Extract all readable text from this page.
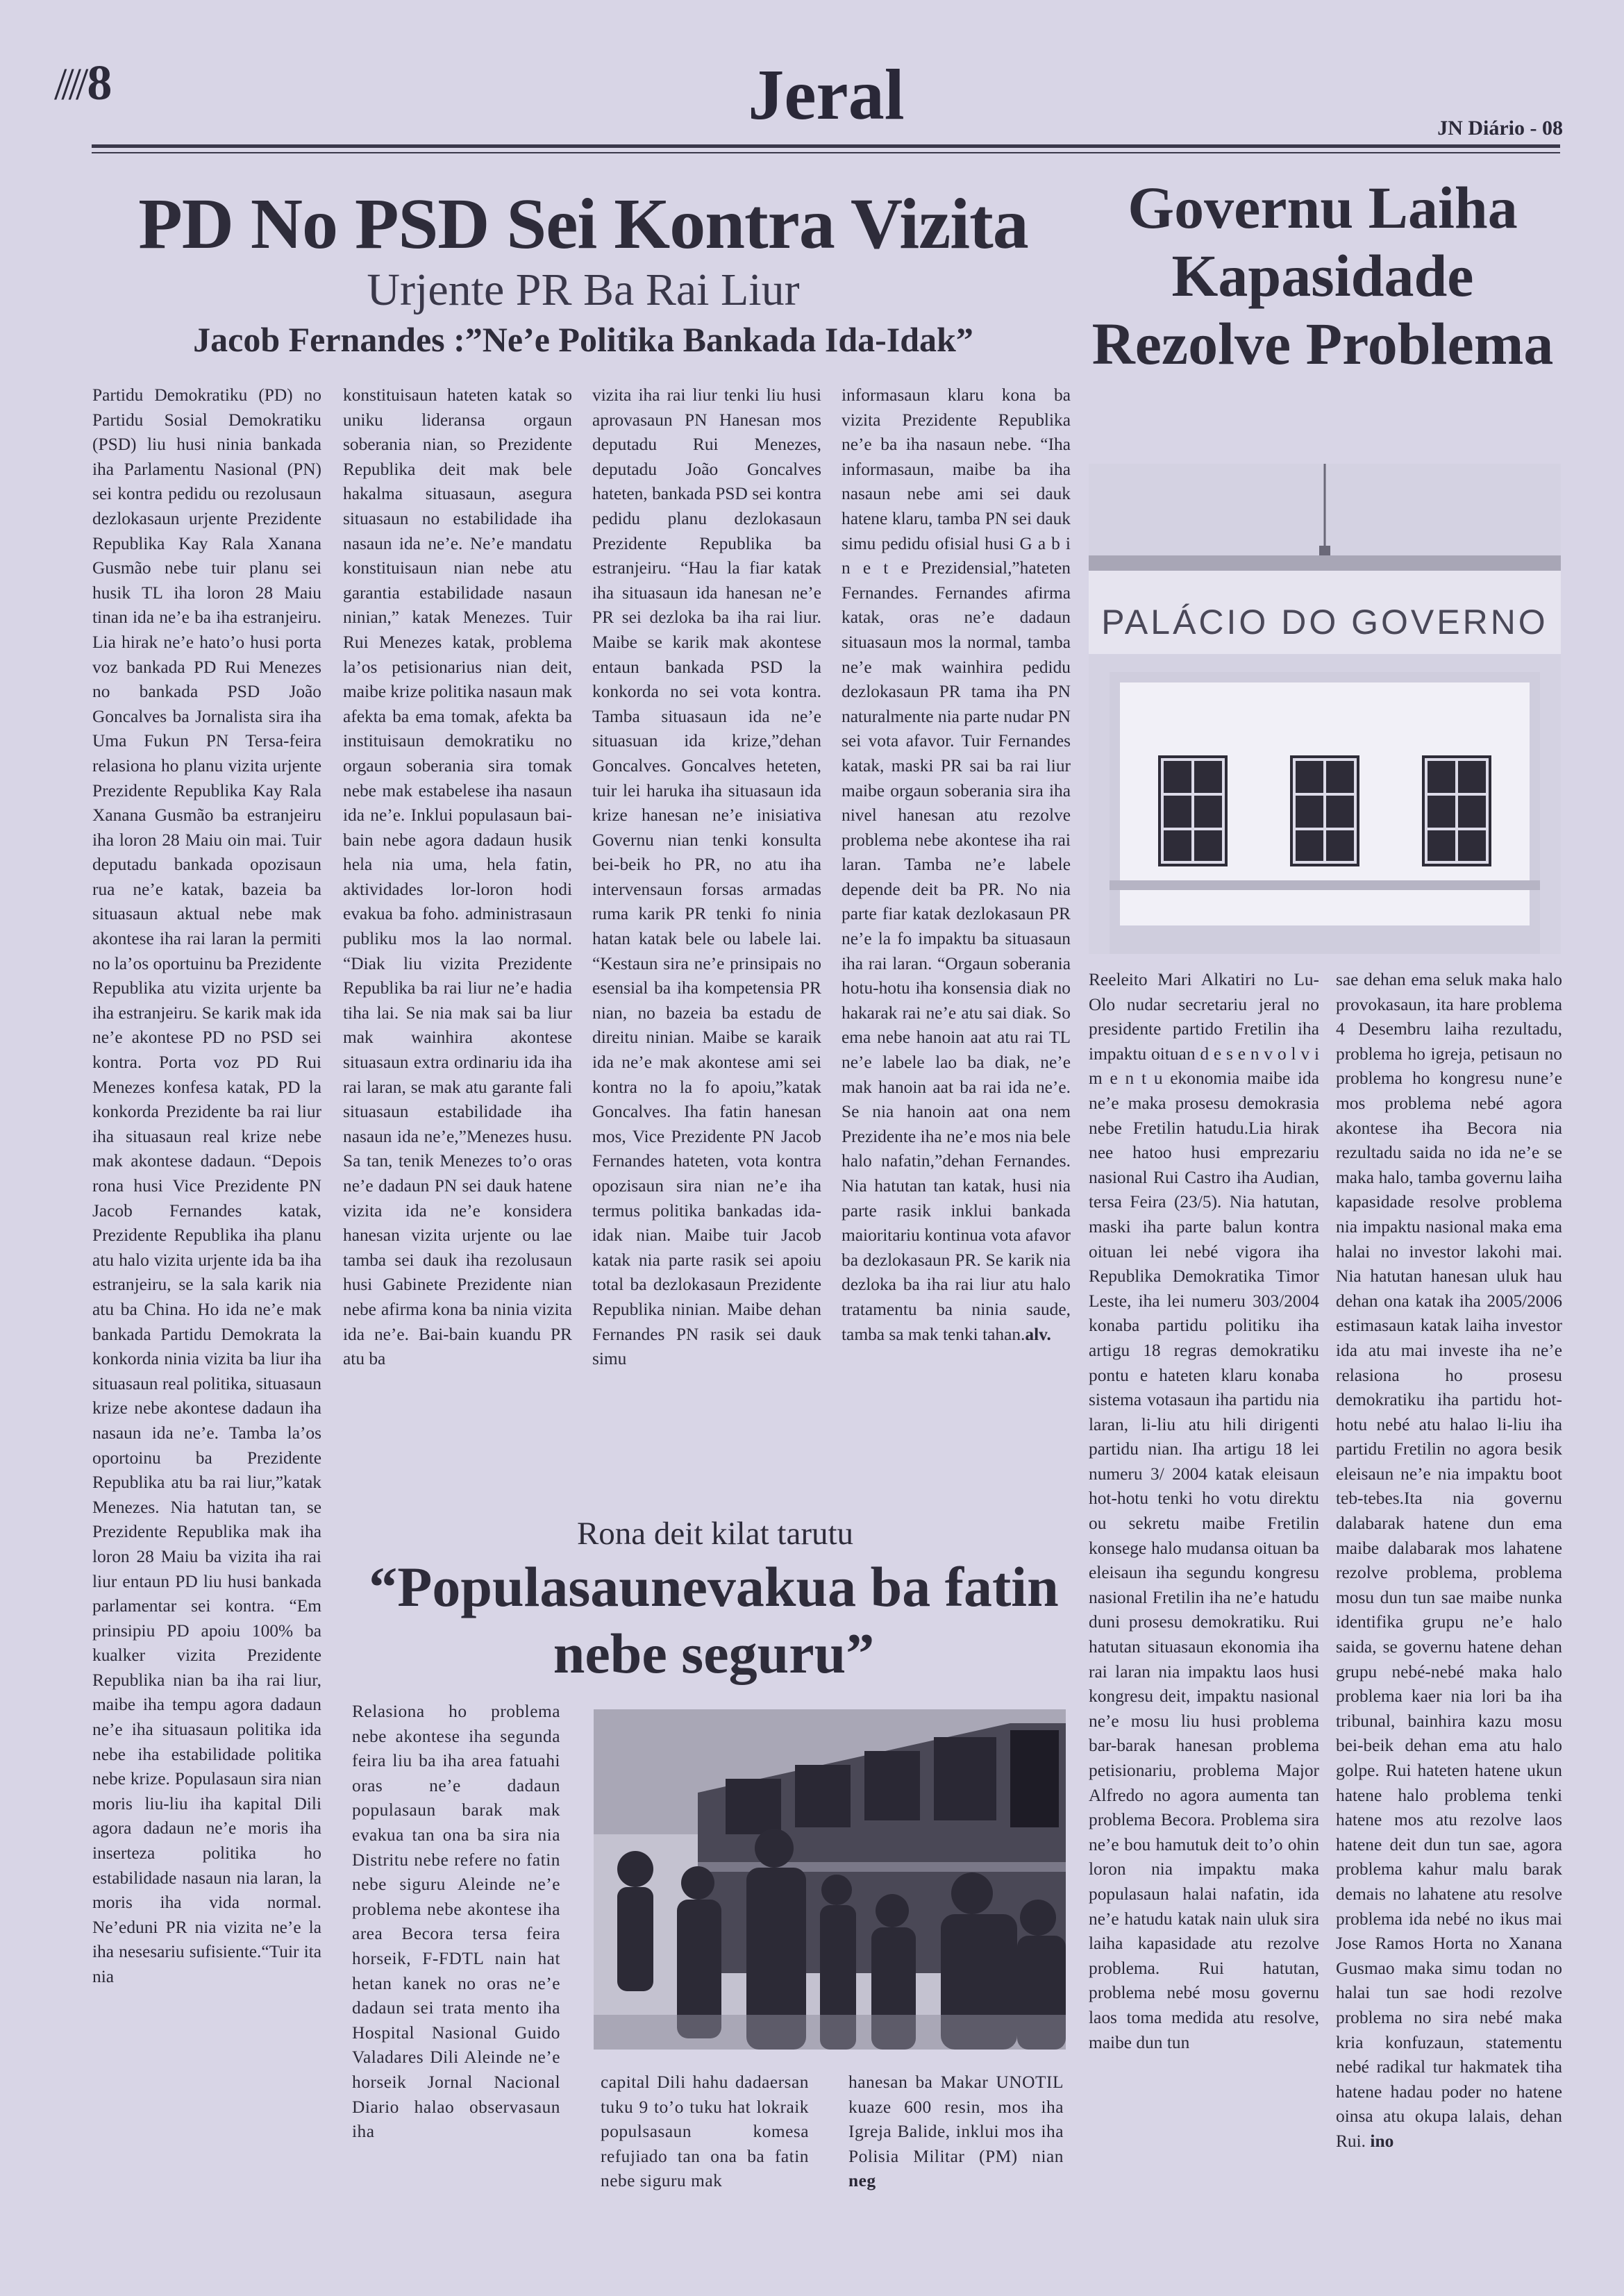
////8	Jeral	JN Diário - 08
PD No PSD Sei Kontra Vizita
Urjente PR Ba Rai Liur
Jacob Fernandes :”Ne’e Politika Bankada Ida-Idak”

Partidu Demokratiku (PD) no Partidu Sosial Demokratiku (PSD) liu husi ninia bankada iha Parlamentu Nasional (PN) sei kontra pedidu ou rezolusaun dezlokasaun urjente Prezidente Republika Kay Rala Xanana Gusmão nebe tuir planu sei husik TL iha loron 28 Maiu tinan ida ne’e ba iha estranjeiru. Lia hirak ne’e hato’o husi porta voz bankada PD Rui Menezes no bankada PSD João Goncalves ba Jornalista sira iha Uma Fukun PN Tersa-feira relasiona ho planu vizita urjente Prezidente Republika Kay Rala Xanana Gusmão ba estranjeiru iha loron 28 Maiu oin mai. Tuir deputadu bankada opozisaun rua ne’e katak, bazeia ba situasaun aktual nebe mak akontese iha rai laran la permiti no la’os oportuinu ba Prezidente Republika atu vizita urjente ba iha estranjeiru. Se karik mak ida ne’e akontese PD no PSD sei kontra. Porta voz PD Rui Menezes konfesa katak, PD la konkorda Prezidente ba rai liur iha situasaun real krize nebe mak akontese dadaun. “Depois rona husi Vice Prezidente PN Jacob Fernandes katak, Prezidente Republika iha planu atu halo vizita urjente ida ba iha estranjeiru, se la sala karik nia atu ba China. Ho ida ne’e mak bankada Partidu Demokrata la konkorda ninia vizita ba liur iha situasaun real politika, situasaun krize nebe akontese dadaun iha nasaun ida ne’e. Tamba la’os oportoinu ba Prezidente Republika atu ba rai liur,”katak Menezes. Nia hatutan tan, se Prezidente Republika mak iha loron 28 Maiu ba vizita iha rai liur entaun PD liu husi bankada parlamentar sei kontra. “Em prinsipiu PD apoiu 100% ba kualker vizita Prezidente Republika nian ba iha rai liur, maibe iha tempu agora dadaun ne’e iha situasaun politika ida nebe iha estabilidade politika nebe krize. Populasaun sira nian moris liu-liu iha kapital Dili agora dadaun ne’e moris iha inserteza politika ho estabilidade nasaun nia laran, la moris iha vida normal. Ne’eduni PR nia vizita ne’e la iha nesesariu sufisiente.“Tuir ita nia

konstituisaun hateten katak so uniku lideransa orgaun soberania nian, so Prezidente Republika deit mak bele hakalma situasaun, asegura situasaun no estabilidade iha nasaun ida ne’e. Ne’e mandatu konstituisaun nian nebe atu garantia estabilidade nasaun ninian,” katak Menezes. Tuir Rui Menezes katak, problema la’os petisionarius nian deit, maibe krize politika nasaun mak afekta ba ema tomak, afekta ba instituisaun demokratiku no orgaun soberania sira tomak nebe mak estabelese iha nasaun ida ne’e. Inklui populasaun bai-bain nebe agora dadaun husik hela nia uma, hela fatin, aktividades lor-loron hodi evakua ba foho. administrasaun publiku mos la lao normal. “Diak liu vizita Prezidente Republika ba rai liur ne’e hadia tiha lai. Se nia mak sai ba liur mak wainhira akontese situasaun extra ordinariu ida iha rai laran, se mak atu garante fali situasaun estabilidade iha nasaun ida ne’e,”Menezes husu. Sa tan, tenik Menezes to’o oras ne’e dadaun PN sei dauk hatene vizita ida ne’e konsidera hanesan vizita urjente ou lae tamba sei dauk iha rezolusaun husi Gabinete Prezidente nian nebe afirma kona ba ninia vizita ida ne’e. Bai-bain kuandu PR atu ba

vizita iha rai liur tenki liu husi aprovasaun PN Hanesan mos deputadu Rui Menezes, deputadu João Goncalves hateten, bankada PSD sei kontra pedidu planu dezlokasaun Prezidente Republika ba estranjeiru. “Hau la fiar katak iha situasaun ida hanesan ne’e PR sei dezloka ba iha rai liur. Maibe se karik mak akontese entaun bankada PSD la konkorda no sei vota kontra. Tamba situasaun ida ne’e situasuan ida krize,”dehan Goncalves. Goncalves heteten, tuir lei haruka iha situasaun ida krize hanesan ne’e inisiativa Governu nian tenki konsulta bei-beik ho PR, no atu iha intervensaun forsas armadas ruma karik PR tenki fo ninia hatan katak bele ou labele lai. “Kestaun sira ne’e prinsipais no esensial ba iha kompetensia PR nian, no bazeia ba estadu de direitu ninian. Maibe se karaik ida ne’e mak akontese ami sei kontra no la fo apoiu,”katak Goncalves. Iha fatin hanesan mos, Vice Prezidente PN Jacob Fernandes hateten, vota kontra opozisaun sira nian ne’e iha termus politika bankadas ida-idak nian. Maibe tuir Jacob katak nia parte rasik sei apoiu total ba dezlokasaun Prezidente Republika ninian. Maibe dehan Fernandes PN rasik sei dauk simu

informasaun klaru kona ba vizita Prezidente Republika ne’e ba iha nasaun nebe. “Iha informasaun, maibe ba iha nasaun nebe ami sei dauk hatene klaru, tamba PN sei dauk simu pedidu ofisial husi G a b i n e t e Prezidensial,”hateten Fernandes. Fernandes afirma katak, oras ne’e dadaun situasaun mos la normal, tamba ne’e mak wainhira pedidu dezlokasaun PR tama iha PN naturalmente nia parte nudar PN sei vota afavor. Tuir Fernandes katak, maski PR sai ba rai liur maibe orgaun soberania sira iha nivel hanesan atu rezolve problema nebe akontese iha rai laran. Tamba ne’e labele depende deit ba PR. No nia parte fiar katak dezlokasaun PR ne’e la fo impaktu ba situasaun iha rai laran. “Orgaun soberania hotu-hotu iha konsensia diak no hakarak rai ne’e atu sai diak. So ema nebe hanoin aat atu rai TL ne’e labele lao ba diak, ne’e mak hanoin aat ba rai ida ne’e. Se nia hanoin aat ona nem Prezidente iha ne’e mos nia bele halo nafatin,”dehan Fernandes. Nia hatutan tan katak, husi nia parte rasik inklui bankada maioritariu kontinua vota afavor ba dezlokasaun PR. Se karik nia dezloka ba iha rai liur atu halo tratamentu ba ninia saude, tamba sa mak tenki tahan.alv.

Governu Laiha Kapasidade Rezolve Problema
PALÁCIO DO GOVERNO

Reeleito Mari Alkatiri no Lu-Olo nudar secretariu jeral no presidente partido Fretilin iha impaktu oituan d e s e n v o l v i m e n t u ekonomia maibe ida ne’e maka prosesu demokrasia nebe Fretilin hatudu.Lia hirak nee hatoo husi emprezariu nasional Rui Castro iha Audian, tersa Feira (23/5). Nia hatutan, maski iha parte balun kontra oituan lei nebé vigora iha Republika Demokratika Timor Leste, iha lei numeru 303/2004 konaba partidu politiku iha artigu 18 regras demokratiku pontu e hateten klaru konaba sistema votasaun iha partidu nia laran, li-liu atu hili dirigenti partidu nian. Iha artigu 18 lei numeru 3/ 2004 katak eleisaun hot-hotu tenki ho votu direktu ou sekretu maibe Fretilin konsege halo mudansa oituan ba eleisaun iha segundu kongresu nasional Fretilin iha ne’e hatudu duni prosesu demokratiku. Rui hatutan situasaun ekonomia iha rai laran nia impaktu laos husi kongresu deit, impaktu nasional ne’e mosu liu husi problema bar-barak hanesan problema petisionariu, problema Major Alfredo no agora aumenta tan problema Becora. Problema sira ne’e bou hamutuk deit to’o ohin loron nia impaktu maka populasaun halai nafatin, ida ne’e hatudu katak nain uluk sira laiha kapasidade atu rezolve problema. Rui hatutan, problema nebé mosu governu laos toma medida atu resolve, maibe dun tun

sae dehan ema seluk maka halo provokasaun, ita hare problema 4 Desembru laiha rezultadu, problema ho igreja, petisaun no problema ho kongresu nune’e mos problema nebé agora akontese iha Becora nia rezultadu saida no ida ne’e se maka halo, tamba governu laiha kapasidade resolve problema nia impaktu nasional maka ema halai no investor lakohi mai. Nia hatutan hanesan uluk hau dehan ona katak iha 2005/2006 estimasaun katak laiha investor ida atu mai investe iha ne’e relasiona ho prosesu demokratiku iha partidu hot-hotu nebé atu halao li-liu iha partidu Fretilin no agora besik eleisaun ne’e nia impaktu boot teb-tebes.Ita nia governu dalabarak hatene dun ema maibe dalabarak mos lahatene rezolve problema, problema mosu dun tun sae maibe nunka identifika grupu ne’e halo saida, se governu hatene dehan grupu nebé-nebé maka halo problema kaer nia lori ba iha tribunal, bainhira kazu mosu bei-beik dehan ema atu halo golpe. Rui hateten hatene ukun hatene halo problema tenki hatene mos atu rezolve laos hatene deit dun tun sae, agora problema kahur malu barak demais no lahatene atu resolve problema ida nebé no ikus mai Jose Ramos Horta no Xanana Gusmao maka simu todan no halai tun sae hodi rezolve problema no sira nebé maka kria konfuzaun, statementu nebé radikal tur hakmatek tiha hatene hadau poder no hatene oinsa atu okupa lalais, dehan Rui. ino

Rona deit kilat tarutu
“Populasaunevakua ba fatin nebe seguru”

Relasiona ho problema nebe akontese iha segunda feira liu ba iha area fatuahi oras ne’e dadaun populasaun barak mak evakua tan ona ba sira nia Distritu nebe refere no fatin nebe siguru Aleinde ne’e problema nebe akontese iha area Becora tersa feira horseik, F-FDTL nain hat hetan kanek no oras ne’e dadaun sei trata mento iha Hospital Nasional Guido Valadares Dili Aleinde ne’e horseik Jornal Nacional Diario halao observasaun iha

capital Dili hahu dadaersan tuku 9 to’o tuku hat lokraik populsasaun komesa refujiado tan ona ba fatin nebe siguru mak

hanesan ba Makar UNOTIL kuaze 600 resin, mos iha Igreja Balide, inklui mos iha Polisia Militar (PM) nian neg
